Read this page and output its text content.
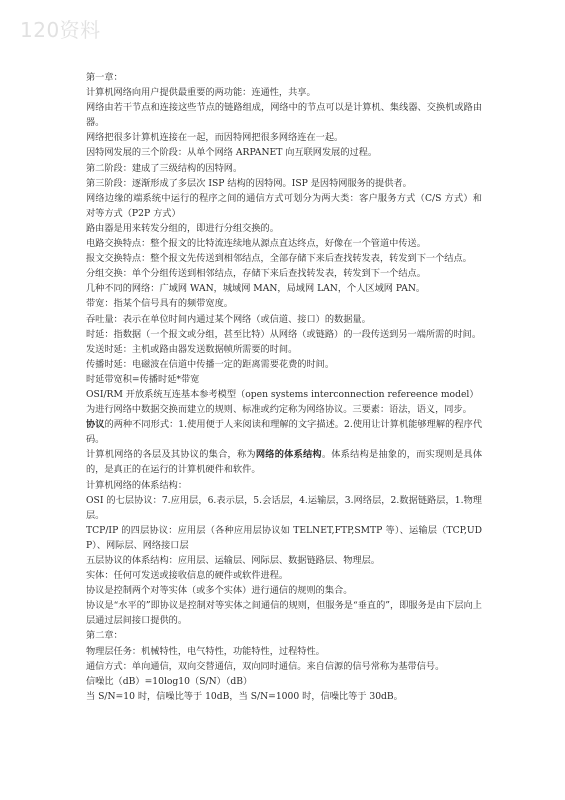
120资料

第一章：

计算机网络向用户提供最重要的两功能：连通性，共享。

网络由若干节点和连接这些节点的链路组成，网络中的节点可以是计算机、集线器、交换机或路由器。

网络把很多计算机连接在一起，而因特网把很多网络连在一起。

因特网发展的三个阶段：从单个网络 ARPANET 向互联网发展的过程。

第二阶段：建成了三级结构的因特网。

第三阶段：逐渐形成了多层次 ISP 结构的因特网。ISP 是因特网服务的提供者。

网络边缘的端系统中运行的程序之间的通信方式可划分为两大类：客户服务方式（C/S 方式）和对等方式（P2P 方式）

路由器是用来转发分组的，即进行分组交换的。

电路交换特点：整个报文的比特流连续地从源点直达终点，好像在一个管道中传送。

报文交换特点：整个报文先传送到相邻结点，全部存储下来后查找转发表，转发到下一个结点。

分组交换：单个分组传送到相邻结点，存储下来后查找转发表，转发到下一个结点。

几种不同的网络：广域网 WAN，城域网 MAN，局域网 LAN，个人区域网 PAN。

带宽：指某个信号具有的频带宽度。

吞吐量：表示在单位时间内通过某个网络（或信道、接口）的数据量。

时延：指数据（一个报文或分组，甚至比特）从网络（或链路）的一段传送到另一端所需的时间。

发送时延：主机或路由器发送数据帧所需要的时间。

传播时延：电磁波在信道中传播一定的距离需要花费的时间。

时延带宽积=传播时延*带宽

OSI/RM 开放系统互连基本参考模型（open systems interconnection refereence model）

为进行网络中数据交换而建立的规则、标准或约定称为网络协议。三要素：语法，语义，同步。

协议的两种不同形式：1.使用便于人来阅读和理解的文字描述。2.使用让计算机能够理解的程序代码。

计算机网络的各层及其协议的集合，称为网络的体系结构。体系结构是抽象的，而实现则是具体的，是真正的在运行的计算机硬件和软件。

计算机网络的体系结构：

OSI 的七层协议：7.应用层，6.表示层，5.会话层，4.运输层，3.网络层，2.数据链路层，1.物理层。

TCP/IP 的四层协议：应用层（各种应用层协议如 TELNET,FTP,SMTP 等）、运输层（TCP,UDP）、网际层、网络接口层

五层协议的体系结构：应用层、运输层、网际层、数据链路层、物理层。

实体：任何可发送或接收信息的硬件或软件进程。

协议是控制两个对等实体（或多个实体）进行通信的规则的集合。

协议是“水平的”即协议是控制对等实体之间通信的规则，但服务是“垂直的”，即服务是由下层向上层通过层间接口提供的。

第二章：

物理层任务：机械特性，电气特性，功能特性，过程特性。

通信方式：单向通信，双向交替通信，双向同时通信。来自信源的信号常称为基带信号。

信噪比（dB）=10log10（S/N）（dB）

当 S/N=10 时，信噪比等于 10dB，当 S/N=1000 时，信噪比等于 30dB。
